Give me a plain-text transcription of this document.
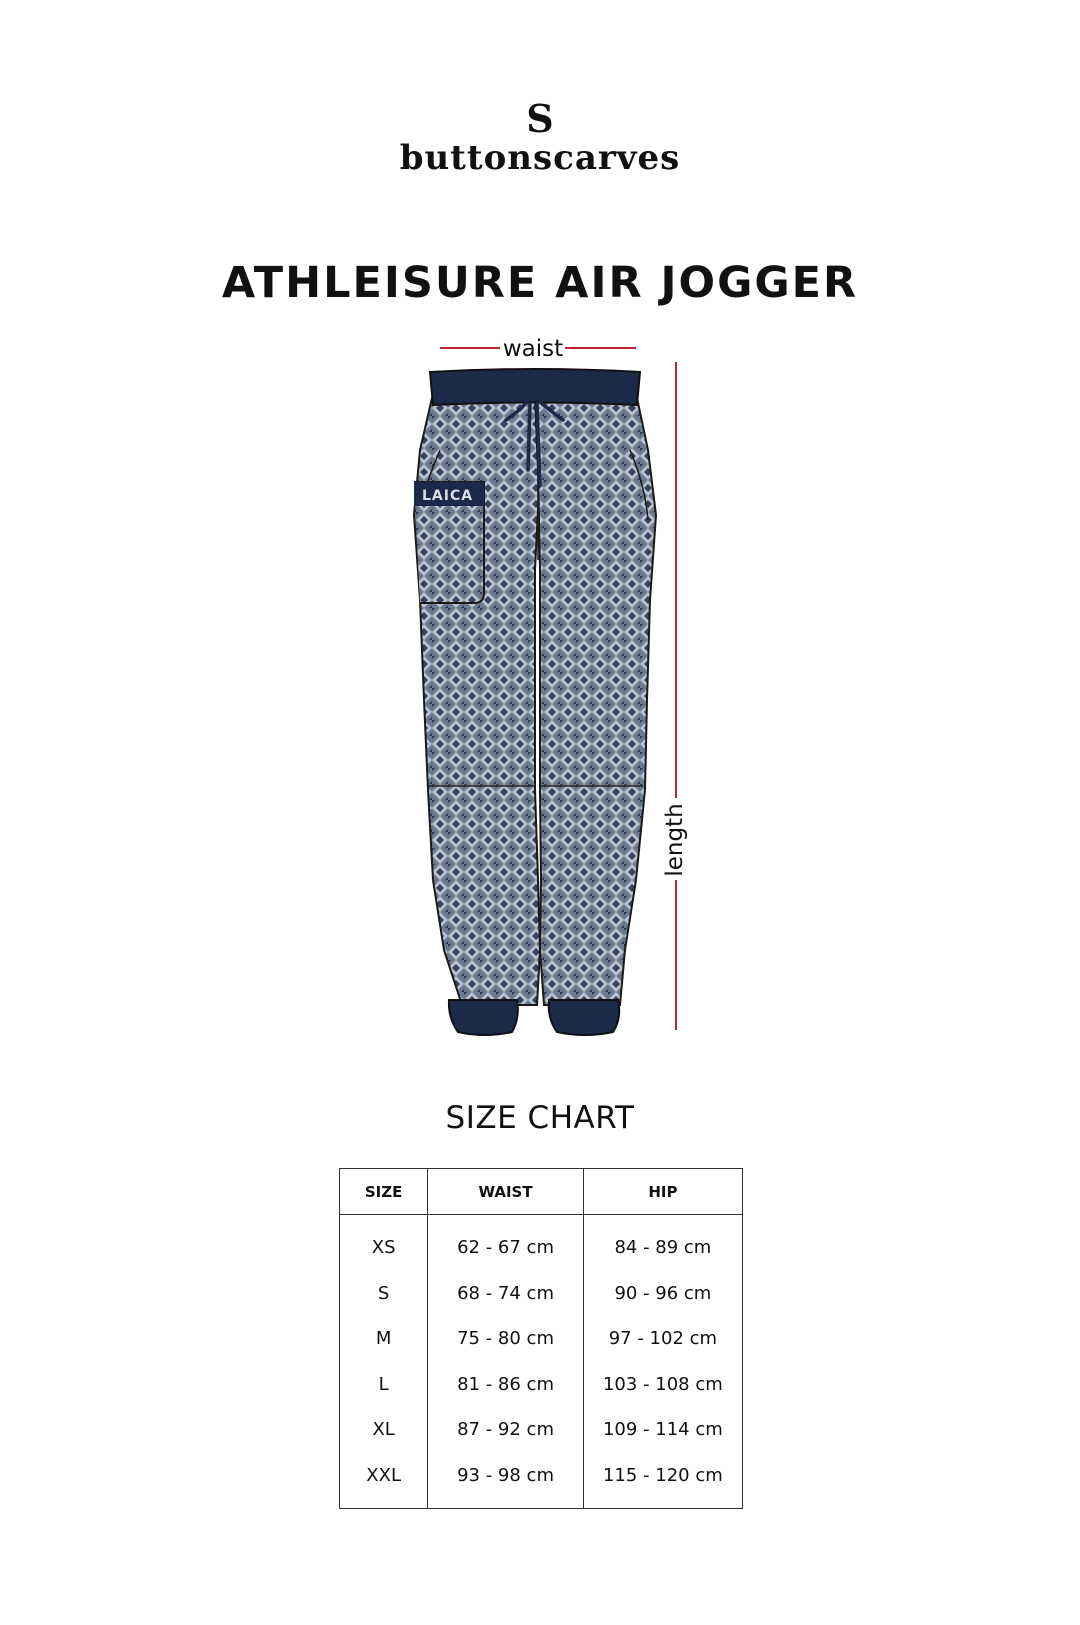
S
buttonscarves
ATHLEISURE AIR JOGGER
waist
length
LAICA
SIZE CHART
SIZE	WAIST	HIP
XS	62 - 67 cm	84 - 89 cm
S	68 - 74 cm	90 - 96 cm
M	75 - 80 cm	97 - 102 cm
L	81 - 86 cm	103 - 108 cm
XL	87 - 92 cm	109 - 114 cm
XXL	93 - 98 cm	115 - 120 cm
